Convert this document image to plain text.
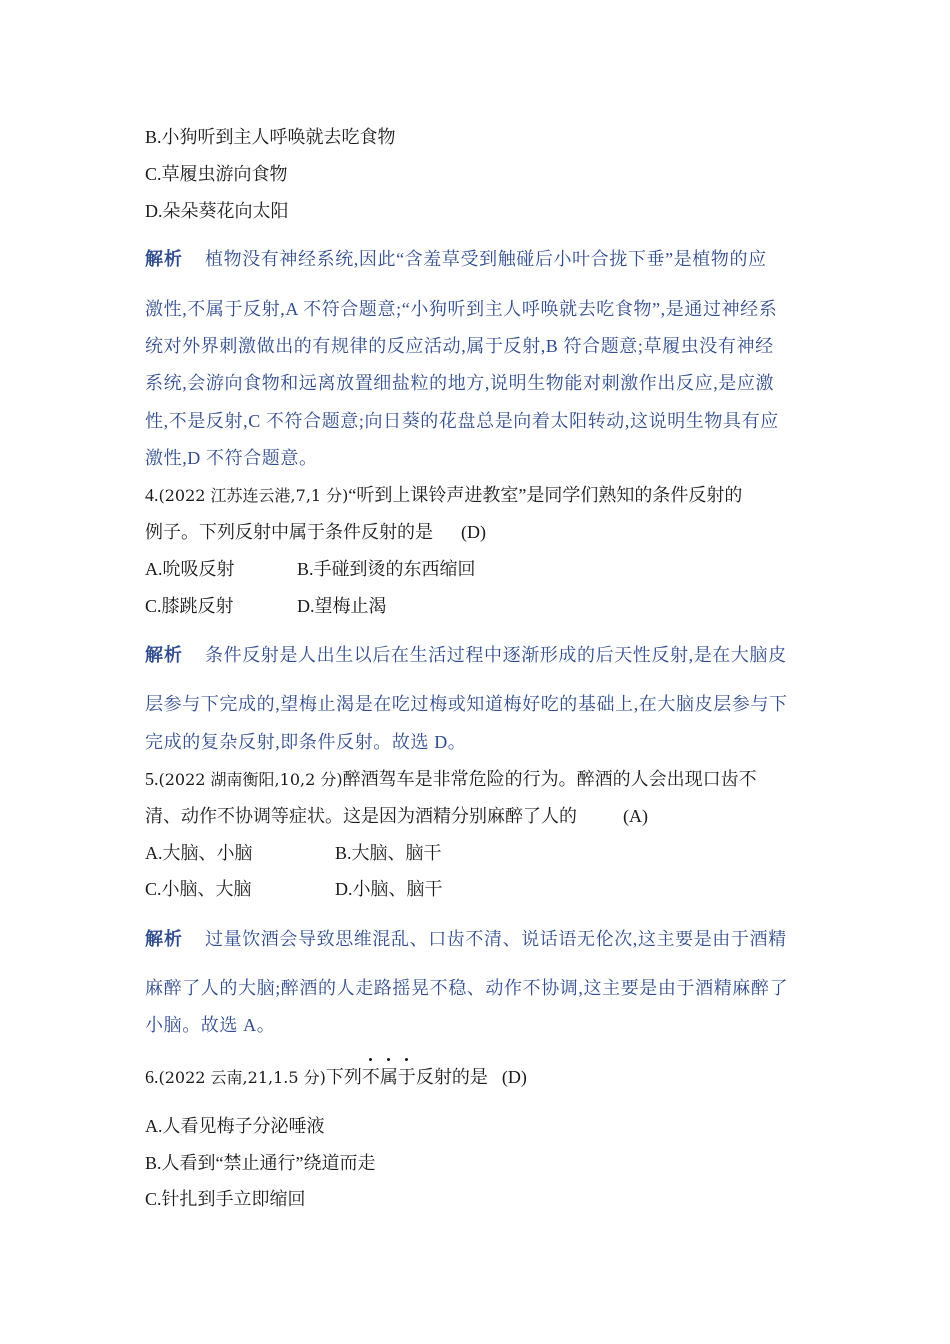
B.小狗听到主人呼唤就去吃食物
C.草履虫游向食物
D.朵朵葵花向太阳
解析 植物没有神经系统,因此“含羞草受到触碰后小叶合拢下垂”是植物的应
激性,不属于反射,A 不符合题意;“小狗听到主人呼唤就去吃食物”,是通过神经系
统对外界刺激做出的有规律的反应活动,属于反射,B 符合题意;草履虫没有神经
系统,会游向食物和远离放置细盐粒的地方,说明生物能对刺激作出反应,是应激
性,不是反射,C 不符合题意;向日葵的花盘总是向着太阳转动,这说明生物具有应
激性,D 不符合题意。
4.(2022 江苏连云港,7,1 分)“听到上课铃声进教室”是同学们熟知的条件反射的
例子。下列反射中属于条件反射的是 (D)
A.吮吸反射	B.手碰到烫的东西缩回
C.膝跳反射	D.望梅止渴
解析 条件反射是人出生以后在生活过程中逐渐形成的后天性反射,是在大脑皮
层参与下完成的,望梅止渴是在吃过梅或知道梅好吃的基础上,在大脑皮层参与下
完成的复杂反射,即条件反射。故选 D。
5.(2022 湖南衡阳,10,2 分)醉酒驾车是非常危险的行为。醉酒的人会出现口齿不
清、动作不协调等症状。这是因为酒精分别麻醉了人的	(A)
A.大脑、小脑	B.大脑、脑干
C.小脑、大脑	D.小脑、脑干
解析 过量饮酒会导致思维混乱、口齿不清、说话语无伦次,这主要是由于酒精
麻醉了人的大脑;醉酒的人走路摇晃不稳、动作不协调,这主要是由于酒精麻醉了
小脑。故选 A。
6.(2022 云南,21,1.5 分)下列不属于反射的是 (D)
A.人看见梅子分泌唾液
B.人看到“禁止通行”绕道而走
C.针扎到手立即缩回
